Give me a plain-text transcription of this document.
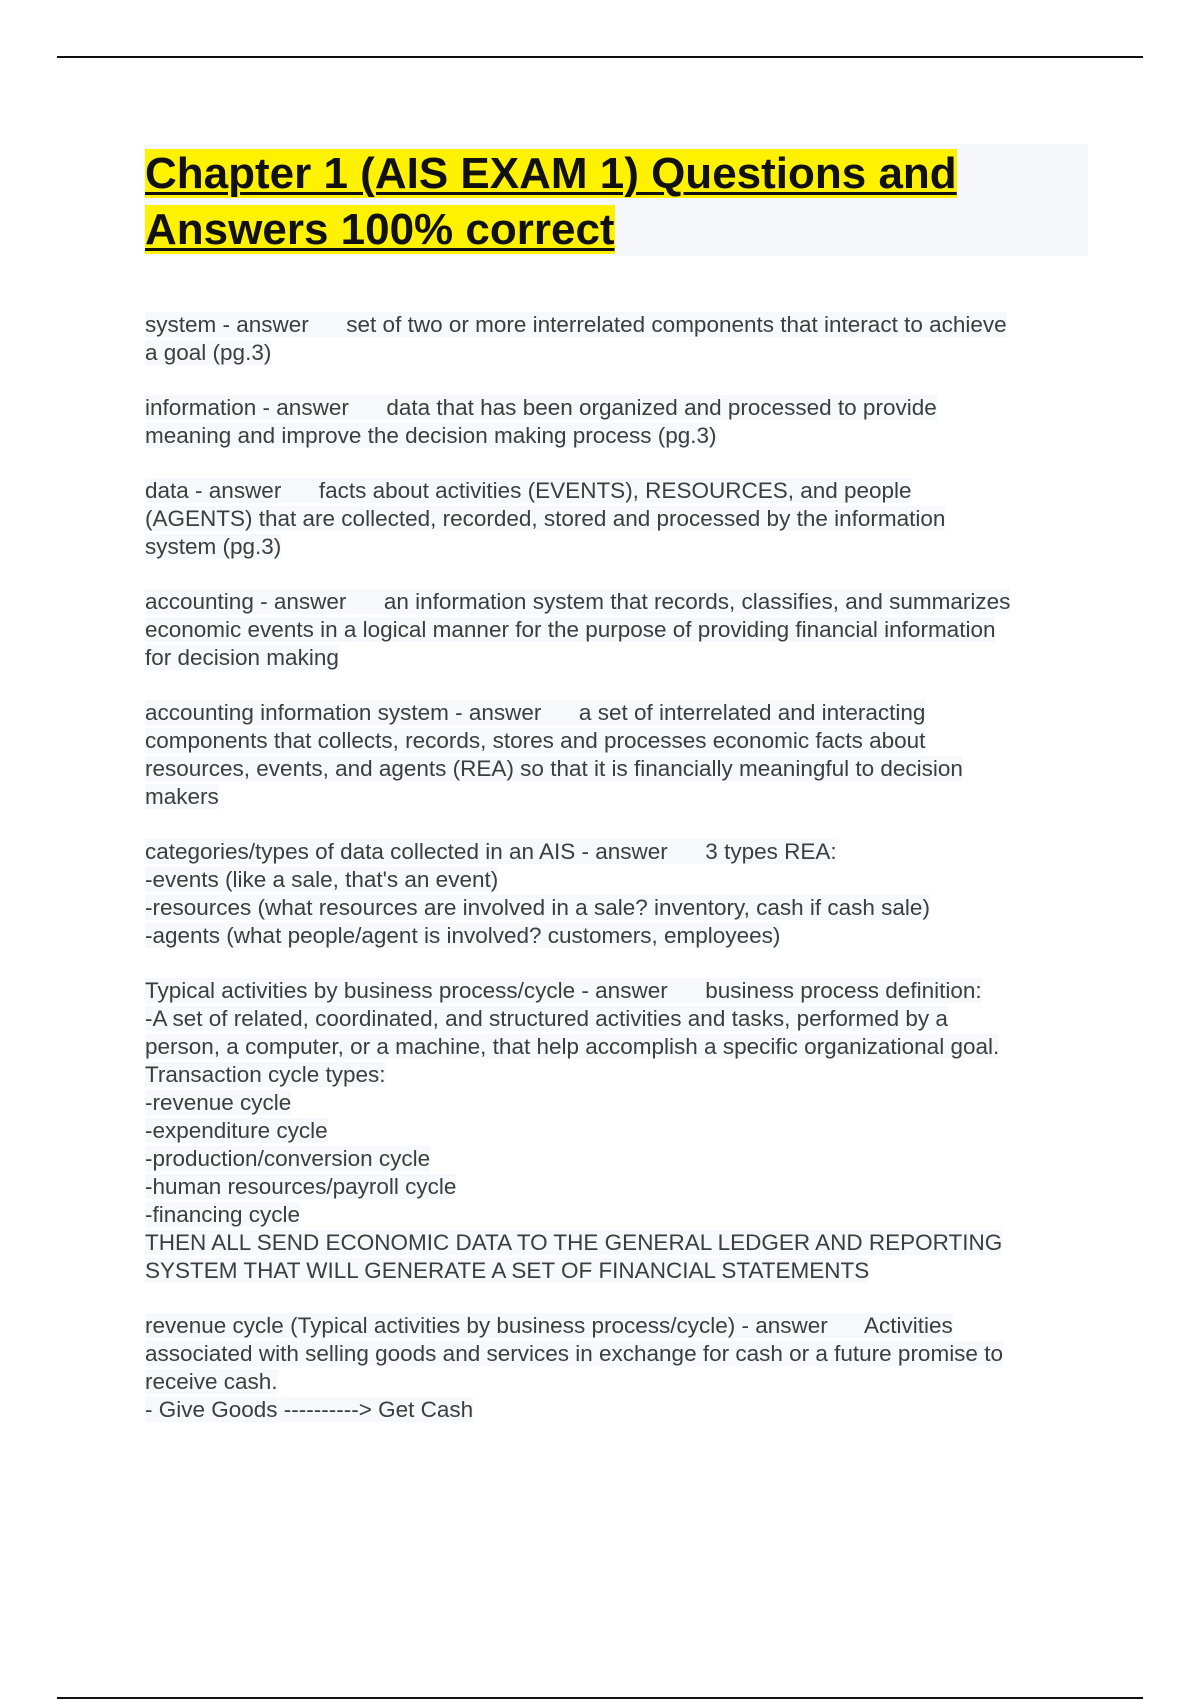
Chapter 1 (AIS EXAM 1) Questions and
Answers 100% correct
system - answer      set of two or more interrelated components that interact to achieve
a goal (pg.3)
information - answer      data that has been organized and processed to provide
meaning and improve the decision making process (pg.3)
data - answer      facts about activities (EVENTS), RESOURCES, and people
(AGENTS) that are collected, recorded, stored and processed by the information
system (pg.3)
accounting - answer      an information system that records, classifies, and summarizes
economic events in a logical manner for the purpose of providing financial information
for decision making
accounting information system - answer      a set of interrelated and interacting
components that collects, records, stores and processes economic facts about
resources, events, and agents (REA) so that it is financially meaningful to decision
makers
categories/types of data collected in an AIS - answer      3 types REA:
-events (like a sale, that's an event)
-resources (what resources are involved in a sale? inventory, cash if cash sale)
-agents (what people/agent is involved? customers, employees)
Typical activities by business process/cycle - answer      business process definition:
-A set of related, coordinated, and structured activities and tasks, performed by a
person, a computer, or a machine, that help accomplish a specific organizational goal.
Transaction cycle types:
-revenue cycle
-expenditure cycle
-production/conversion cycle
-human resources/payroll cycle
-financing cycle
THEN ALL SEND ECONOMIC DATA TO THE GENERAL LEDGER AND REPORTING
SYSTEM THAT WILL GENERATE A SET OF FINANCIAL STATEMENTS
revenue cycle (Typical activities by business process/cycle) - answer      Activities
associated with selling goods and services in exchange for cash or a future promise to
receive cash.
- Give Goods ----------> Get Cash
